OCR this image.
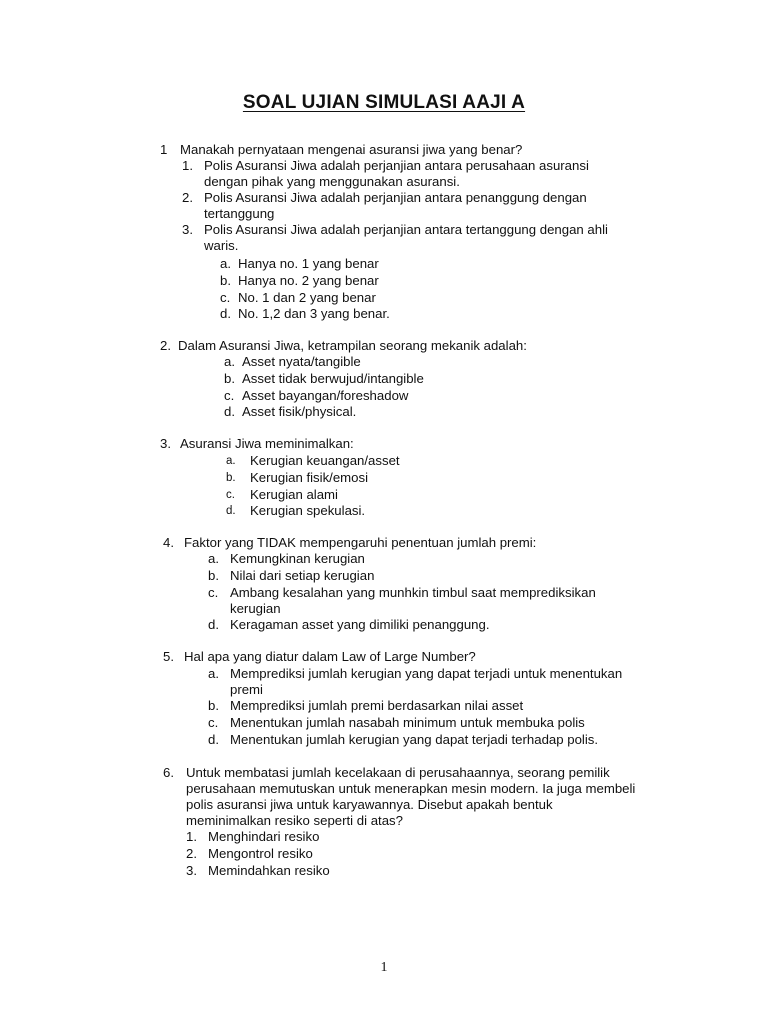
SOAL UJIAN SIMULASI AAJI A
1 Manakah pernyataan mengenai asuransi jiwa yang benar?
1. Polis Asuransi Jiwa adalah perjanjian antara perusahaan asuransi
dengan pihak yang menggunakan asuransi.
2. Polis Asuransi Jiwa adalah perjanjian antara penanggung dengan
tertanggung
3. Polis Asuransi Jiwa adalah perjanjian antara tertanggung dengan ahli
waris.
a. Hanya no. 1 yang benar
b. Hanya no. 2 yang benar
c. No. 1 dan 2 yang benar
d. No. 1,2 dan 3 yang benar.
2. Dalam Asuransi Jiwa, ketrampilan seorang mekanik adalah:
a. Asset nyata/tangible
b. Asset tidak berwujud/intangible
c. Asset bayangan/foreshadow
d. Asset fisik/physical.
3. Asuransi Jiwa meminimalkan:
a. Kerugian keuangan/asset
b. Kerugian fisik/emosi
c. Kerugian alami
d. Kerugian spekulasi.
4. Faktor yang TIDAK mempengaruhi penentuan jumlah premi:
a. Kemungkinan kerugian
b. Nilai dari setiap kerugian
c. Ambang kesalahan yang munhkin timbul saat memprediksikan
kerugian
d. Keragaman asset yang dimiliki penanggung.
5. Hal apa yang diatur dalam Law of Large Number?
a. Memprediksi jumlah kerugian yang dapat terjadi untuk menentukan
premi
b. Memprediksi jumlah premi berdasarkan nilai asset
c. Menentukan jumlah nasabah minimum untuk membuka polis
d. Menentukan jumlah kerugian yang dapat terjadi terhadap polis.
6. Untuk membatasi jumlah kecelakaan di perusahaannya, seorang pemilik
perusahaan memutuskan untuk menerapkan mesin modern. Ia juga membeli
polis asuransi jiwa untuk karyawannya. Disebut apakah bentuk
meminimalkan resiko seperti di atas?
1. Menghindari resiko
2. Mengontrol resiko
3. Memindahkan resiko
1
